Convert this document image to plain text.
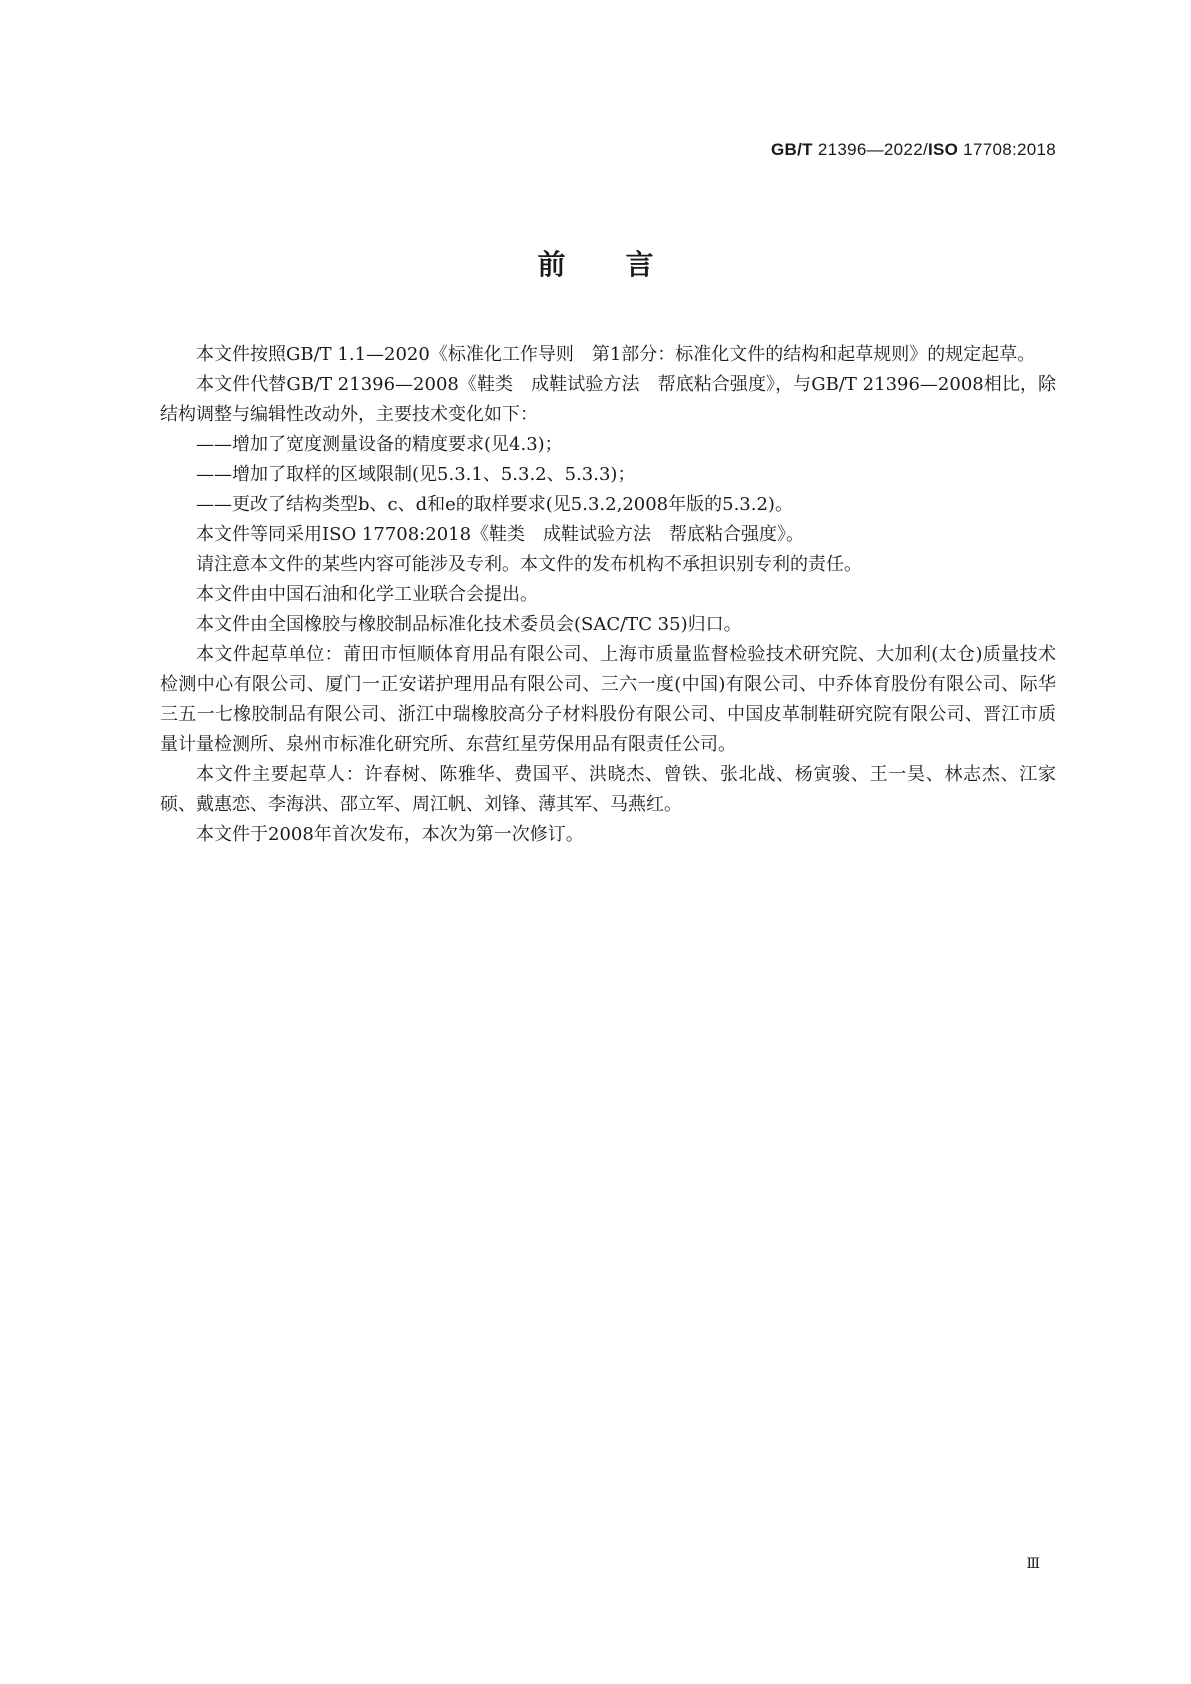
GB/T 21396—2022/ISO 17708:2018
前言

本文件按照GB/T 1.1—2020《标准化工作导则　第1部分：标准化文件的结构和起草规则》的规定起草。

本文件代替GB/T 21396—2008《鞋类　成鞋试验方法　帮底粘合强度》，与GB/T 21396—2008相比，除结构调整与编辑性改动外，主要技术变化如下：

——增加了宽度测量设备的精度要求(见4.3)；

——增加了取样的区域限制(见5.3.1、5.3.2、5.3.3)；

——更改了结构类型b、c、d和e的取样要求(见5.3.2,2008年版的5.3.2)。

本文件等同采用ISO 17708:2018《鞋类　成鞋试验方法　帮底粘合强度》。

请注意本文件的某些内容可能涉及专利。本文件的发布机构不承担识别专利的责任。

本文件由中国石油和化学工业联合会提出。

本文件由全国橡胶与橡胶制品标准化技术委员会(SAC/TC 35)归口。

本文件起草单位：莆田市恒顺体育用品有限公司、上海市质量监督检验技术研究院、大加利(太仓)质量技术检测中心有限公司、厦门一正安诺护理用品有限公司、三六一度(中国)有限公司、中乔体育股份有限公司、际华三五一七橡胶制品有限公司、浙江中瑞橡胶高分子材料股份有限公司、中国皮革制鞋研究院有限公司、晋江市质量计量检测所、泉州市标准化研究所、东营红星劳保用品有限责任公司。

本文件主要起草人：许春树、陈雅华、费国平、洪晓杰、曾铁、张北战、杨寅骏、王一昊、林志杰、江家硕、戴惠恋、李海洪、邵立军、周江帆、刘锋、薄其军、马燕红。

本文件于2008年首次发布，本次为第一次修订。

Ⅲ
